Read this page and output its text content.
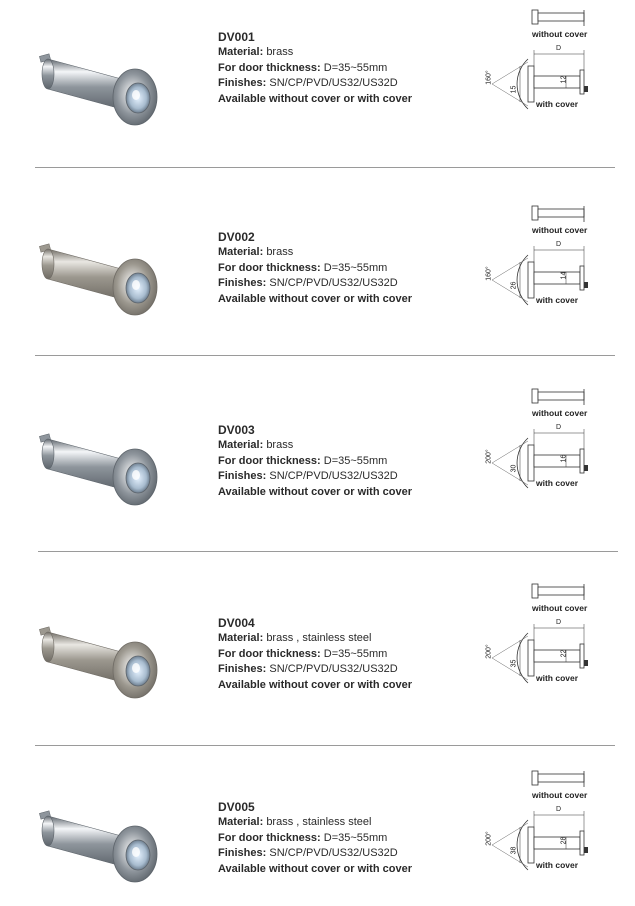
DV001
Material: brass
For door thickness: D=35~55mm
Finishes: SN/CP/PVD/US32/US32D
Available without cover or with cover
without cover
with cover
160°
15
12
D
DV002
Material: brass
For door thickness: D=35~55mm
Finishes: SN/CP/PVD/US32/US32D
Available without cover or with cover
without cover
with cover
160°
26
14
D
DV003
Material: brass
For door thickness: D=35~55mm
Finishes: SN/CP/PVD/US32/US32D
Available without cover or with cover
without cover
with cover
200°
30
16
D
DV004
Material: brass , stainless steel
For door thickness: D=35~55mm
Finishes: SN/CP/PVD/US32/US32D
Available without cover or with cover
without cover
with cover
200°
35
22
D
DV005
Material: brass , stainless steel
For door thickness: D=35~55mm
Finishes: SN/CP/PVD/US32/US32D
Available without cover or with cover
without cover
with cover
200°
38
28
D
